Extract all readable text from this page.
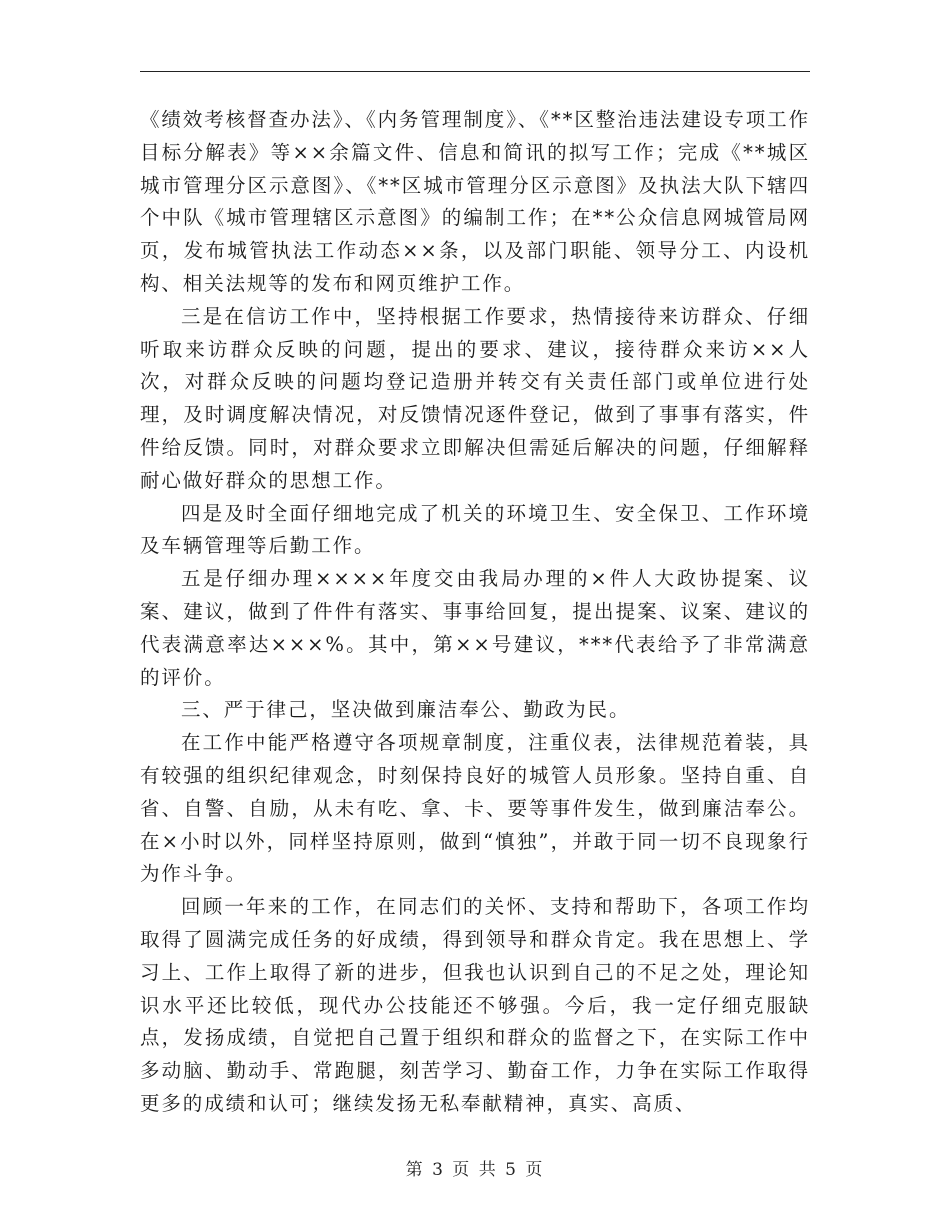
《绩效考核督查办法》、《内务管理制度》、《**区整治违法建设专项工作目标分解表》等××余篇文件、信息和简讯的拟写工作；完成《**城区城市管理分区示意图》、《**区城市管理分区示意图》及执法大队下辖四个中队《城市管理辖区示意图》的编制工作；在**公众信息网城管局网页，发布城管执法工作动态××条，以及部门职能、领导分工、内设机构、相关法规等的发布和网页维护工作。

三是在信访工作中，坚持根据工作要求，热情接待来访群众、仔细听取来访群众反映的问题，提出的要求、建议，接待群众来访××人次，对群众反映的问题均登记造册并转交有关责任部门或单位进行处理，及时调度解决情况，对反馈情况逐件登记，做到了事事有落实，件件给反馈。同时，对群众要求立即解决但需延后解决的问题，仔细解释耐心做好群众的思想工作。

四是及时全面仔细地完成了机关的环境卫生、安全保卫、工作环境及车辆管理等后勤工作。

五是仔细办理××××年度交由我局办理的×件人大政协提案、议案、建议，做到了件件有落实、事事给回复，提出提案、议案、建议的代表满意率达×××%。其中，第××号建议，***代表给予了非常满意的评价。

三、严于律己，坚决做到廉洁奉公、勤政为民。

在工作中能严格遵守各项规章制度，注重仪表，法律规范着装，具有较强的组织纪律观念，时刻保持良好的城管人员形象。坚持自重、自省、自警、自励，从未有吃、拿、卡、要等事件发生，做到廉洁奉公。在×小时以外，同样坚持原则，做到“慎独”，并敢于同一切不良现象行为作斗争。

回顾一年来的工作，在同志们的关怀、支持和帮助下，各项工作均取得了圆满完成任务的好成绩，得到领导和群众肯定。我在思想上、学习上、工作上取得了新的进步，但我也认识到自己的不足之处，理论知识水平还比较低，现代办公技能还不够强。今后，我一定仔细克服缺点，发扬成绩，自觉把自己置于组织和群众的监督之下，在实际工作中多动脑、勤动手、常跑腿，刻苦学习、勤奋工作，力争在实际工作取得更多的成绩和认可；继续发扬无私奉献精神，真实、高质、

第 3 页 共 5 页
